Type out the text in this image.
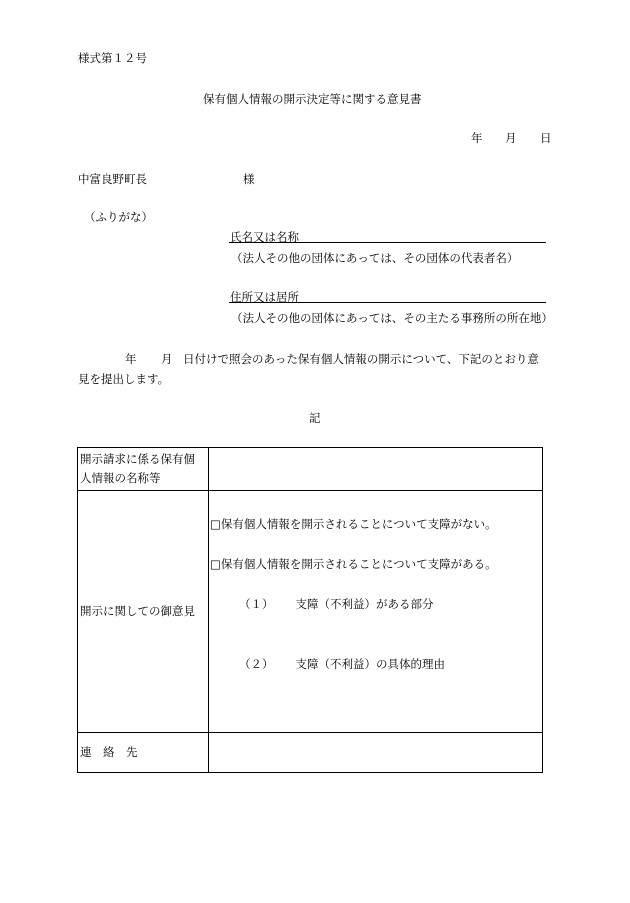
様式第１２号
保有個人情報の開示決定等に関する意見書
年 月 日
中富良野町長	様
（ふりがな）
氏名又は名称
（法人その他の団体にあっては、その団体の代表者名）
住所又は居所
（法人その他の団体にあっては、その主たる事務所の所在地）
年 月 日付けで照会のあった保有個人情報の開示について、下記のとおり意
見を提出します。
記
開示請求に係る保有個人情報の名称等	
開示に関しての御意見	□保有個人情報を開示されることについて支障がない。
□保有個人情報を開示されることについて支障がある。
（１） 支障（不利益）がある部分
（２） 支障（不利益）の具体的理由

連　絡　先	
